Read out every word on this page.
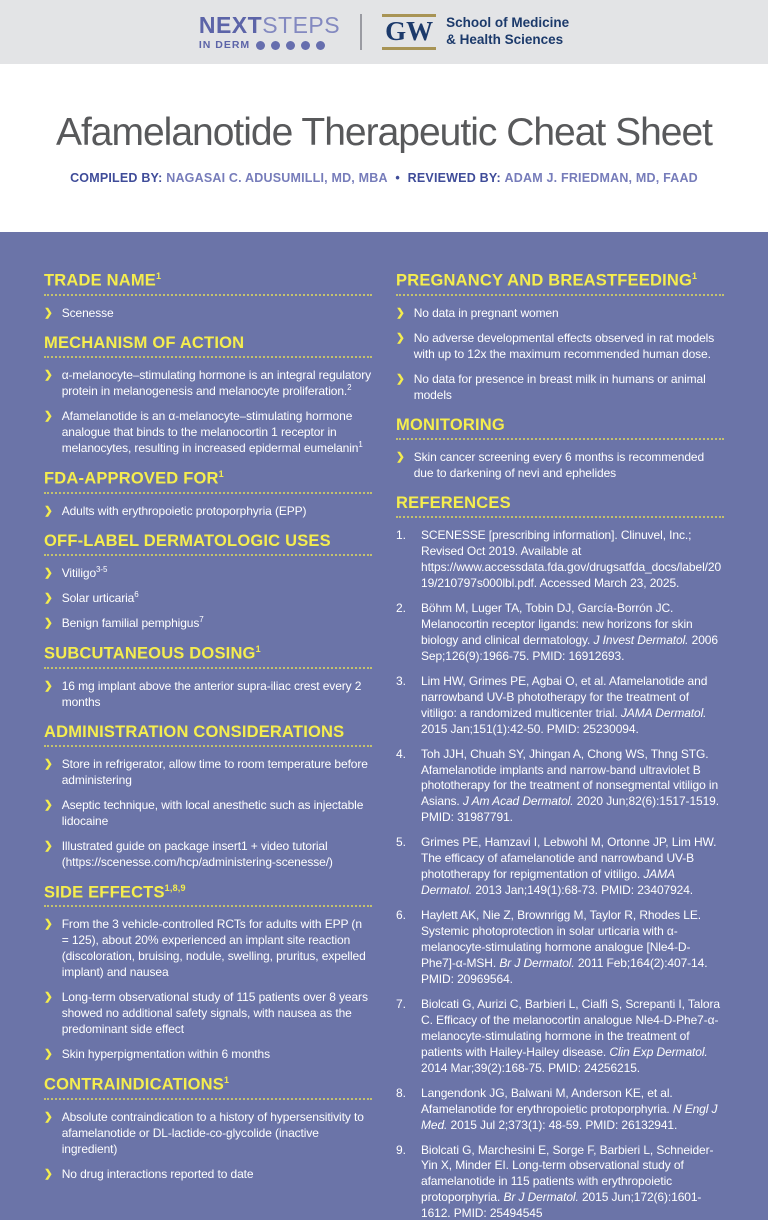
NEXTSTEPS
IN DERM	GW School of Medicine
& Health Sciences
Afamelanotide Therapeutic Cheat Sheet
COMPILED BY: NAGASAI C. ADUSUMILLI, MD, MBA • REVIEWED BY: ADAM J. FRIEDMAN, MD, FAAD
TRADE NAME$^1$
❯ Scenesse
MECHANISM OF ACTION
❯ α-melanocyte–stimulating hormone is an integral regulatory protein in melanogenesis and melanocyte proliferation.$^2$
❯ Afamelanotide is an α-melanocyte–stimulating hormone analogue that binds to the melanocortin 1 receptor in melanocytes, resulting in increased epidermal eumelanin$^1$
FDA-APPROVED FOR$^1$
❯ Adults with erythropoietic protoporphyria (EPP)
OFF-LABEL DERMATOLOGIC USES
❯ Vitiligo$^{3-5}$
❯ Solar urticaria$^6$
❯ Benign familial pemphigus$^7$
SUBCUTANEOUS DOSING$^1$
❯ 16 mg implant above the anterior supra-iliac crest every 2 months
ADMINISTRATION CONSIDERATIONS
❯ Store in refrigerator, allow time to room temperature before administering
❯ Aseptic technique, with local anesthetic such as injectable lidocaine
❯ Illustrated guide on package insert1 + video tutorial (https://scenesse.com/hcp/administering-scenesse/)
SIDE EFFECTS$^{1,8,9}$
❯ From the 3 vehicle-controlled RCTs for adults with EPP (n = 125), about 20% experienced an implant site reaction (discoloration, bruising, nodule, swelling, pruritus, expelled implant) and nausea
❯ Long-term observational study of 115 patients over 8 years showed no additional safety signals, with nausea as the predominant side effect
❯ Skin hyperpigmentation within 6 months
CONTRAINDICATIONS$^1$
❯ Absolute contraindication to a history of hypersensitivity to afamelanotide or DL-lactide-co-glycolide (inactive ingredient)
❯ No drug interactions reported to date
PREGNANCY AND BREASTFEEDING$^1$
❯ No data in pregnant women
❯ No adverse developmental effects observed in rat models with up to 12x the maximum recommended human dose.
❯ No data for presence in breast milk in humans or animal models
MONITORING
❯ Skin cancer screening every 6 months is recommended due to darkening of nevi and ephelides
REFERENCES
1.	SCENESSE [prescribing information]. Clinuvel, Inc.; Revised Oct 2019. Available at https://www.accessdata.fda.gov/drugsatfda_docs/label/2019/210797s000lbl.pdf. Accessed March 23, 2025.
2.	Böhm M, Luger TA, Tobin DJ, García-Borrón JC. Melanocortin receptor ligands: new horizons for skin biology and clinical dermatology. J Invest Dermatol. 2006 Sep;126(9):1966-75. PMID: 16912693.
3.	Lim HW, Grimes PE, Agbai O, et al. Afamelanotide and narrowband UV-B phototherapy for the treatment of vitiligo: a randomized multicenter trial. JAMA Dermatol. 2015 Jan;151(1):42-50. PMID: 25230094.
4.	Toh JJH, Chuah SY, Jhingan A, Chong WS, Thng STG. Afamelanotide implants and narrow-band ultraviolet B phototherapy for the treatment of nonsegmental vitiligo in Asians. J Am Acad Dermatol. 2020 Jun;82(6):1517-1519. PMID: 31987791.
5.	Grimes PE, Hamzavi I, Lebwohl M, Ortonne JP, Lim HW. The efficacy of afamelanotide and narrowband UV-B phototherapy for repigmentation of vitiligo. JAMA Dermatol. 2013 Jan;149(1):68-73. PMID: 23407924.
6.	Haylett AK, Nie Z, Brownrigg M, Taylor R, Rhodes LE. Systemic photoprotection in solar urticaria with α-melanocyte-stimulating hormone analogue [Nle4-D-Phe7]-α-MSH. Br J Dermatol. 2011 Feb;164(2):407-14. PMID: 20969564.
7.	Biolcati G, Aurizi C, Barbieri L, Cialfi S, Screpanti I, Talora C. Efficacy of the melanocortin analogue Nle4-D-Phe7-α-melanocyte-stimulating hormone in the treatment of patients with Hailey-Hailey disease. Clin Exp Dermatol. 2014 Mar;39(2):168-75. PMID: 24256215.
8.	Langendonk JG, Balwani M, Anderson KE, et al. Afamelanotide for erythropoietic protoporphyria. N Engl J Med. 2015 Jul 2;373(1): 48-59. PMID: 26132941.
9.	Biolcati G, Marchesini E, Sorge F, Barbieri L, Schneider-Yin X, Minder EI. Long-term observational study of afamelanotide in 115 patients with erythropoietic protoporphyria. Br J Dermatol. 2015 Jun;172(6):1601-1612. PMID: 25494545
